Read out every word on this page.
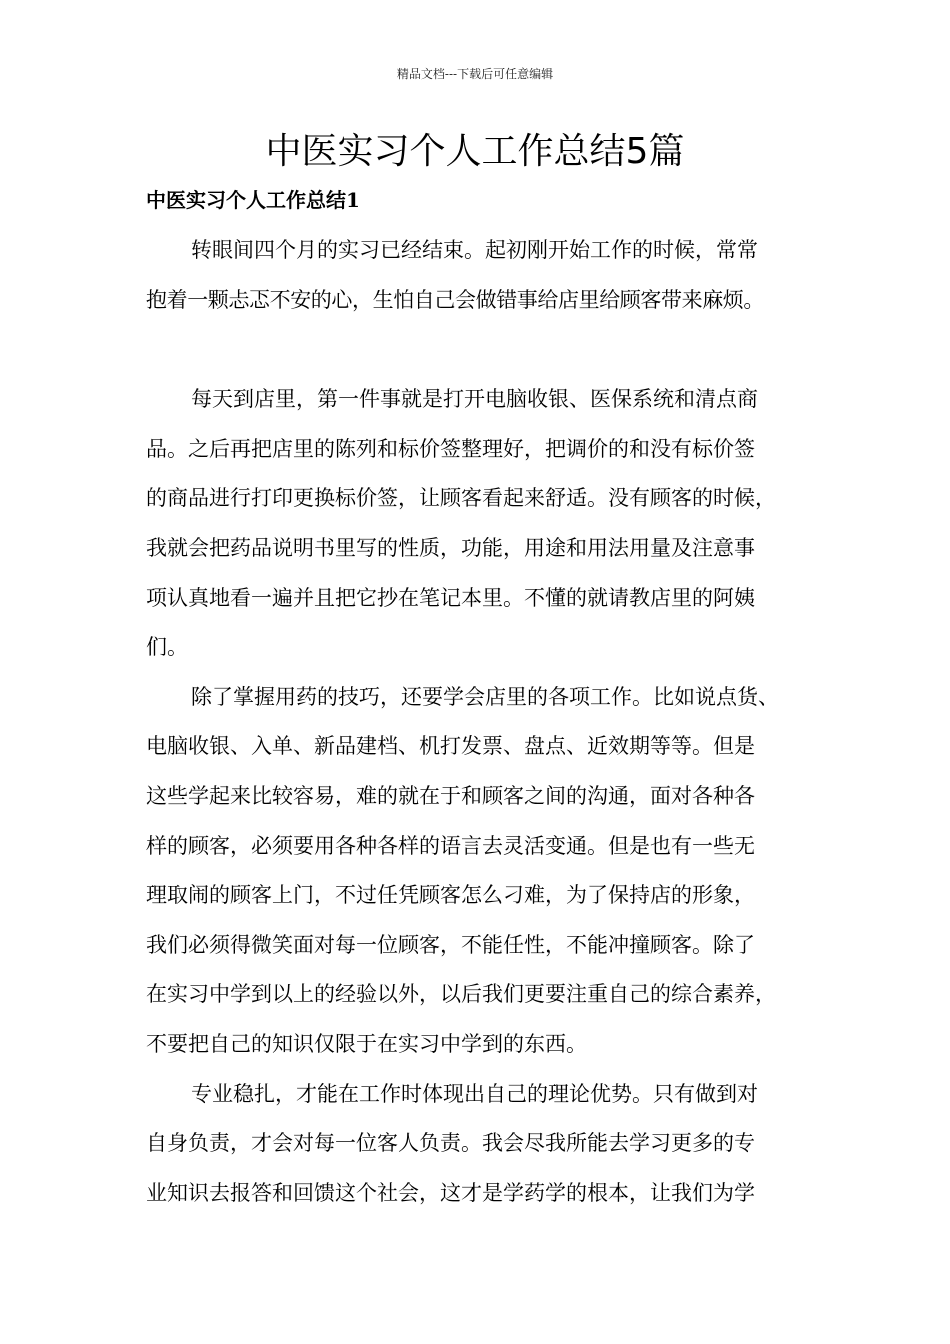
精品文档---下载后可任意编辑
中医实习个人工作总结5篇
中医实习个人工作总结1

转眼间四个月的实习已经结束。起初刚开始工作的时候，常常
抱着一颗忐忑不安的心，生怕自己会做错事给店里给顾客带来麻烦。

每天到店里，第一件事就是打开电脑收银、医保系统和清点商
品。之后再把店里的陈列和标价签整理好，把调价的和没有标价签
的商品进行打印更换标价签，让顾客看起来舒适。没有顾客的时候，
我就会把药品说明书里写的性质，功能，用途和用法用量及注意事
项认真地看一遍并且把它抄在笔记本里。不懂的就请教店里的阿姨
们。

除了掌握用药的技巧，还要学会店里的各项工作。比如说点货、
电脑收银、入单、新品建档、机打发票、盘点、近效期等等。但是
这些学起来比较容易，难的就在于和顾客之间的沟通，面对各种各
样的顾客，必须要用各种各样的语言去灵活变通。但是也有一些无
理取闹的顾客上门，不过任凭顾客怎么刁难，为了保持店的形象，
我们必须得微笑面对每一位顾客，不能任性，不能冲撞顾客。除了
在实习中学到以上的经验以外，以后我们更要注重自己的综合素养，
不要把自己的知识仅限于在实习中学到的东西。

专业稳扎，才能在工作时体现出自己的理论优势。只有做到对
自身负责，才会对每一位客人负责。我会尽我所能去学习更多的专
业知识去报答和回馈这个社会，这才是学药学的根本，让我们为学
